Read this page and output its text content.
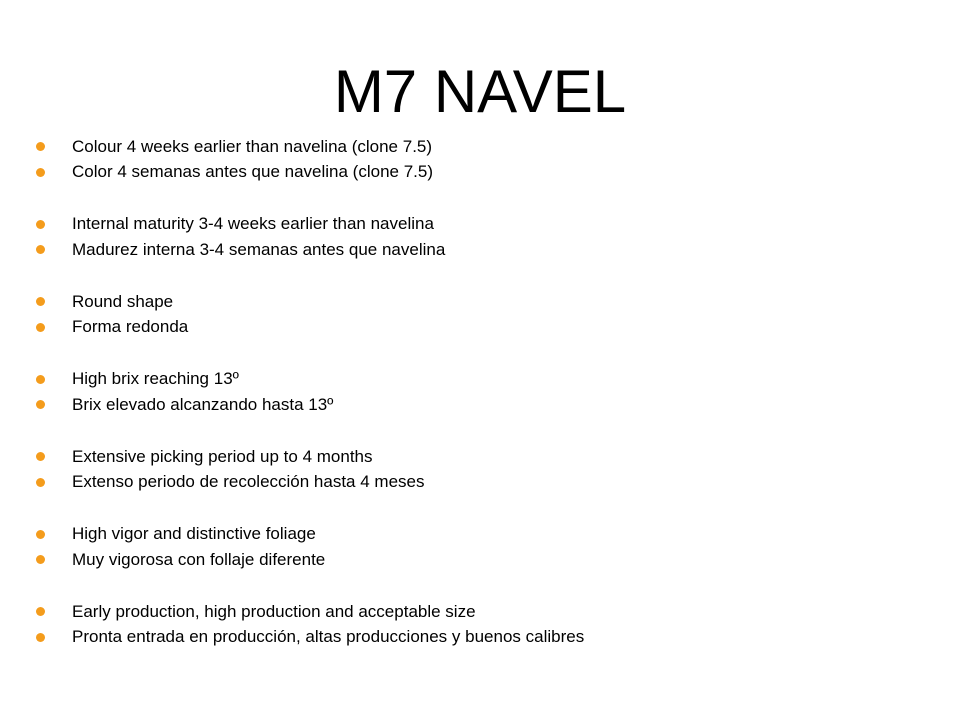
M7 NAVEL
Colour 4 weeks earlier than navelina (clone 7.5)
Color 4 semanas antes que navelina (clone 7.5)
Internal maturity 3-4 weeks earlier than navelina
Madurez interna 3-4 semanas antes que navelina
Round shape
Forma redonda
High brix reaching 13º
Brix elevado alcanzando hasta 13º
Extensive picking period up to 4 months
Extenso periodo de recolección hasta 4 meses
High vigor and distinctive foliage
Muy vigorosa con follaje diferente
Early production, high production and acceptable size
Pronta entrada en producción, altas producciones y buenos calibres
